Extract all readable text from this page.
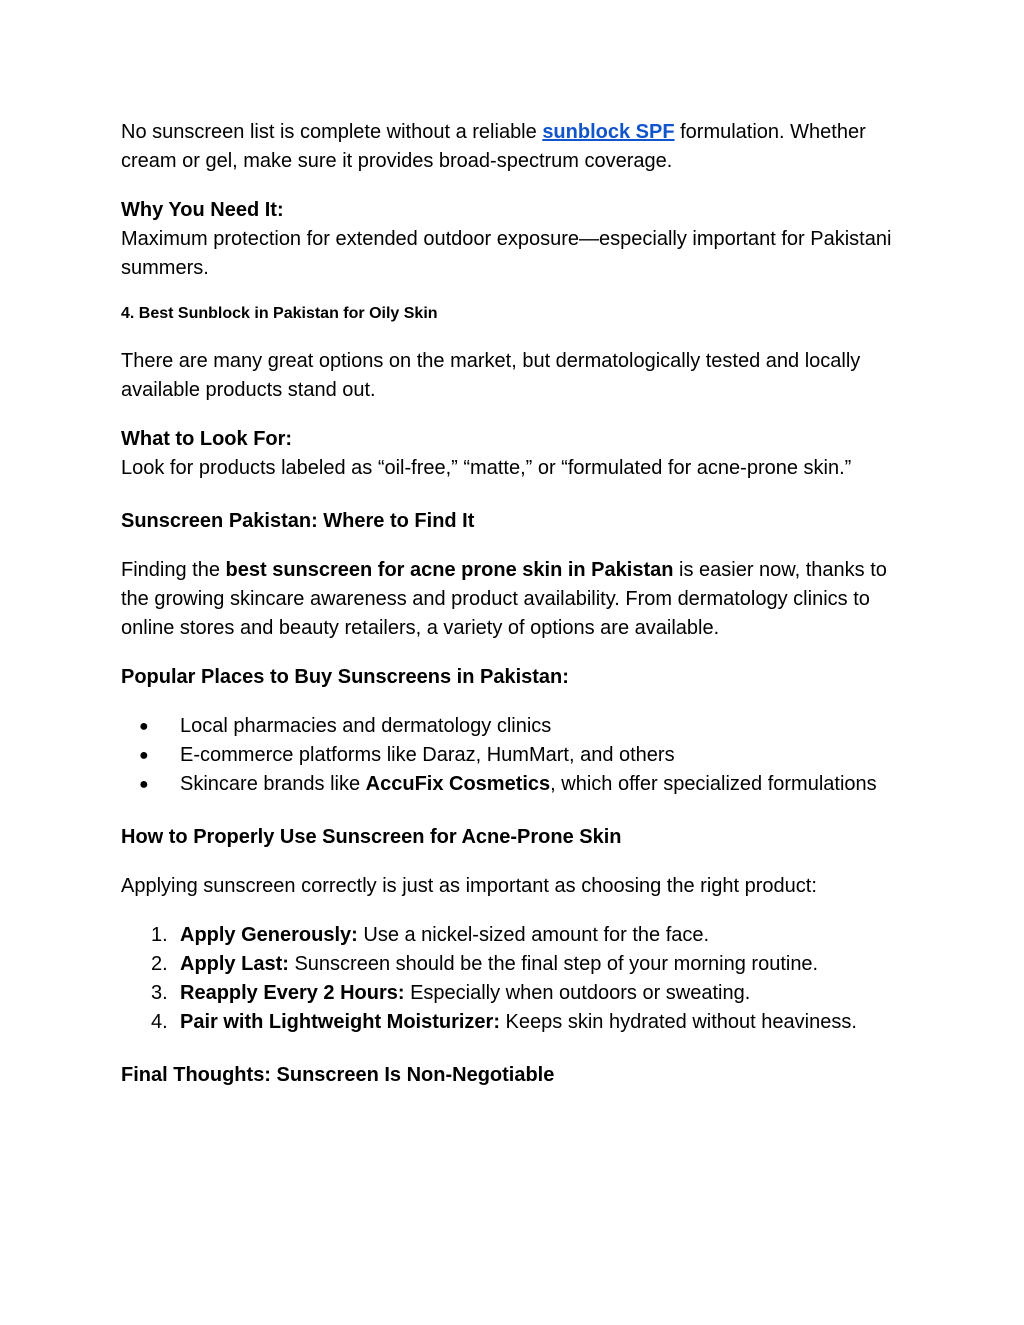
No sunscreen list is complete without a reliable sunblock SPF formulation. Whether cream or gel, make sure it provides broad-spectrum coverage.

Why You Need It:
Maximum protection for extended outdoor exposure—especially important for Pakistani summers.

4. Best Sunblock in Pakistan for Oily Skin

There are many great options on the market, but dermatologically tested and locally available products stand out.

What to Look For:
Look for products labeled as “oil-free,” “matte,” or “formulated for acne-prone skin.”

Sunscreen Pakistan: Where to Find It

Finding the best sunscreen for acne prone skin in Pakistan is easier now, thanks to the growing skincare awareness and product availability. From dermatology clinics to online stores and beauty retailers, a variety of options are available.

Popular Places to Buy Sunscreens in Pakistan:
● Local pharmacies and dermatology clinics
● E-commerce platforms like Daraz, HumMart, and others
● Skincare brands like AccuFix Cosmetics, which offer specialized formulations
How to Properly Use Sunscreen for Acne-Prone Skin

Applying sunscreen correctly is just as important as choosing the right product:

1. Apply Generously: Use a nickel-sized amount for the face.
2. Apply Last: Sunscreen should be the final step of your morning routine.
3. Reapply Every 2 Hours: Especially when outdoors or sweating.
4. Pair with Lightweight Moisturizer: Keeps skin hydrated without heaviness.
Final Thoughts: Sunscreen Is Non-Negotiable
